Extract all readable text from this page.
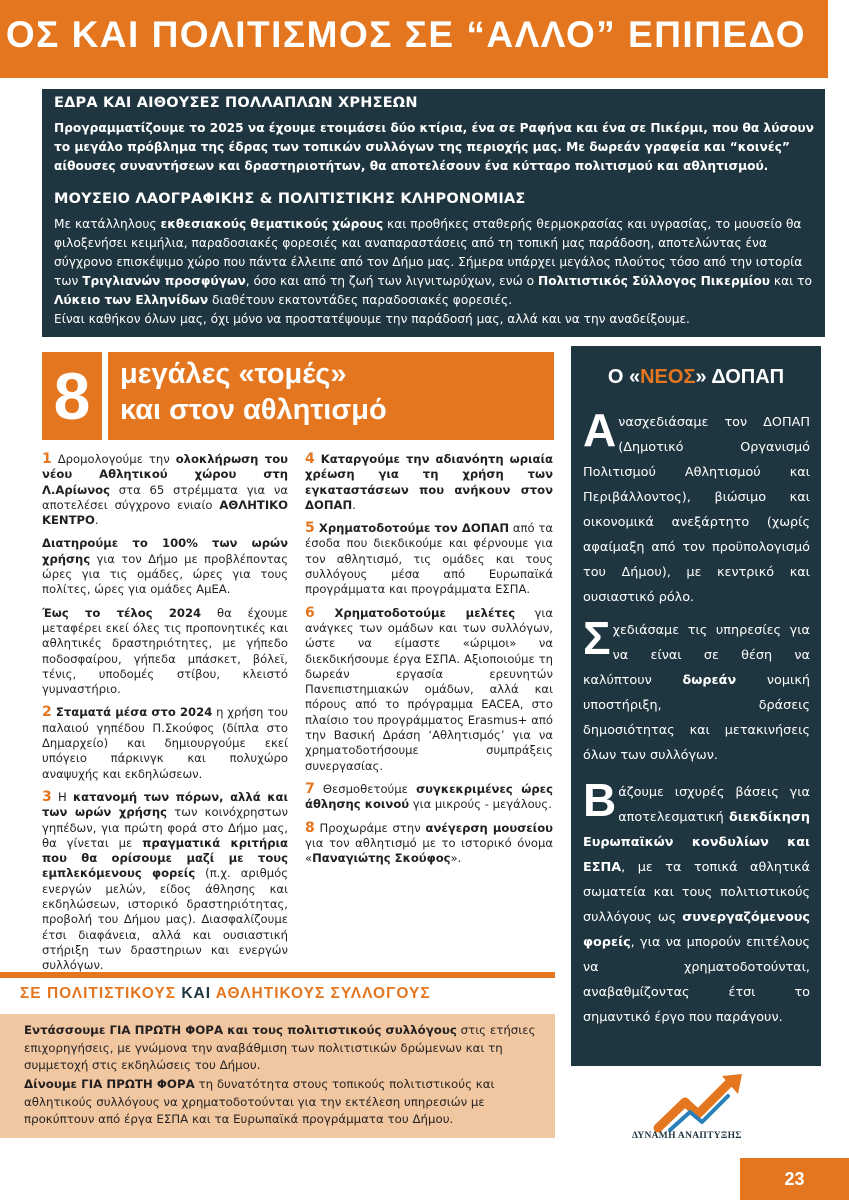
ΟΣ ΚΑΙ ΠΟΛΙΤΙΣΜΟΣ ΣΕ “ΑΛΛΟ” ΕΠΙΠΕΔΟ
ΕΔΡΑ ΚΑΙ ΑΙΘΟΥΣΕΣ ΠΟΛΛΑΠΛΩΝ ΧΡΗΣΕΩΝ
Προγραμματίζουμε το 2025 να έχουμε ετοιμάσει δύο κτίρια, ένα σε Ραφήνα και ένα σε Πικέρμι, που θα λύσουν το μεγάλο πρόβλημα της έδρας των τοπικών συλλόγων της περιοχής μας. Με δωρεάν γραφεία και “κοινές” αίθουσες συναντήσεων και δραστηριοτήτων, θα αποτελέσουν ένα κύτταρο πολιτισμού και αθλητισμού.
ΜΟΥΣΕΙΟ ΛΑΟΓΡΑΦΙΚΗΣ & ΠΟΛΙΤΙΣΤΙΚΗΣ ΚΛΗΡΟΝΟΜΙΑΣ
Με κατάλληλους εκθεσιακούς θεματικούς χώρους και προθήκες σταθερής θερμοκρασίας και υγρασίας, το μουσείο θα φιλοξενήσει κειμήλια, παραδοσιακές φορεσιές και αναπαραστάσεις από τη τοπική μας παράδοση, αποτελώντας ένα σύγχρονο επισκέψιμο χώρο που πάντα έλλειπε από τον Δήμο μας. Σήμερα υπάρχει μεγάλος πλούτος τόσο από την ιστορία των Τριγλιανών προσφύγων, όσο και από τη ζωή των λιγνιτωρύχων, ενώ ο Πολιτιστικός Σύλλογος Πικερμίου και το Λύκειο των Ελληνίδων διαθέτουν εκατοντάδες παραδοσιακές φορεσιές.
Είναι καθήκον όλων μας, όχι μόνο να προστατέψουμε την παράδοσή μας, αλλά και να την αναδείξουμε.
8	μεγάλες «τομές»
και στον αθλητισμό

1 Δρομολογούμε την ολοκλήρωση του νέου Αθλητικού χώρου στη Λ.Αρίωνος στα 65 στρέμματα για να αποτελέσει σύγχρονο ενιαίο ΑΘΛΗΤΙΚΟ ΚΕΝΤΡΟ.

Διατηρούμε το 100% των ωρών χρήσης για τον Δήμο με προβλέποντας ώρες για τις ομάδες, ώρες για τους πολίτες, ώρες για ομάδες ΑμΕΑ.

Έως το τέλος 2024 θα έχουμε μεταφέρει εκεί όλες τις προπονητικές και αθλητικές δραστηριότητες, με γήπεδο ποδοσφαίρου, γήπεδα μπάσκετ, βόλεϊ, τένις, υποδομές στίβου, κλειστό γυμναστήριο.

2 Σταματά μέσα στο 2024 η χρήση του παλαιού γηπέδου Π.Σκούφος (δίπλα στο Δημαρχείο) και δημιουργούμε εκεί υπόγειο πάρκινγκ και πολυχώρο αναψυχής και εκδηλώσεων.

3 Η κατανομή των πόρων, αλλά και των ωρών χρήσης των κοινόχρηστων γηπέδων, για πρώτη φορά στο Δήμο μας, θα γίνεται με πραγματικά κριτήρια που θα ορίσουμε μαζί με τους εμπλεκόμενους φορείς (π.χ. αριθμός ενεργών μελών, είδος άθλησης και εκδηλώσεων, ιστορικό δραστηριότητας, προβολή του Δήμου μας). Διασφαλίζουμε έτσι διαφάνεια, αλλά και ουσιαστική στήριξη των δραστηριων και ενεργών συλλόγων.

4 Καταργούμε την αδιανόητη ωριαία χρέωση για τη χρήση των εγκαταστάσεων που ανήκουν στον ΔΟΠΑΠ.

5 Χρηματοδοτούμε τον ΔΟΠΑΠ από τα έσοδα που διεκδικούμε και φέρνουμε για τον αθλητισμό, τις ομάδες και τους συλλόγους μέσα από Ευρωπαϊκά προγράμματα και προγράμματα ΕΣΠΑ.

6 Χρηματοδοτούμε μελέτες για ανάγκες των ομάδων και των συλλόγων, ώστε να είμαστε «ώριμοι» να διεκδικήσουμε έργα ΕΣΠΑ. Αξιοποιούμε τη δωρεάν εργασία ερευνητών Πανεπιστημιακών ομάδων, αλλά και πόρους από το πρόγραμμα EACEA, στο πλαίσιο του προγράμματος Erasmus+ από την Βασική Δράση ‘Αθλητισμός’ για να χρηματοδοτήσουμε συμπράξεις συνεργασίας.

7 Θεσμοθετούμε συγκεκριμένες ώρες άθλησης κοινού για μικρούς - μεγάλους.

8 Προχωράμε στην ανέγερση μουσείου για τον αθλητισμό με το ιστορικό όνομα «Παναγιώτης Σκούφος».

ΣΕ ΠΟΛΙΤΙΣΤΙΚΟΥΣ ΚΑΙ ΑΘΛΗΤΙΚΟΥΣ ΣΥΛΛΟΓΟΥΣ
Εντάσσουμε ΓΙΑ ΠΡΩΤΗ ΦΟΡΑ και τους πολιτιστικούς συλλόγους στις ετήσιες επιχορηγήσεις, με γνώμονα την αναβάθμιση των πολιτιστικών δρώμενων και τη συμμετοχή στις εκδηλώσεις του Δήμου.
Δίνουμε ΓΙΑ ΠΡΩΤΗ ΦΟΡΑ τη δυνατότητα στους τοπικούς πολιτιστικούς και αθλητικούς συλλόγους να χρηματοδοτούνται για την εκτέλεση υπηρεσιών με προκύπτουν από έργα ΕΣΠΑ και τα Ευρωπαϊκά προγράμματα του Δήμου.
Ο «ΝΕΟΣ» ΔΟΠΑΠ
Ανασχεδιάσαμε τον ΔΟΠΑΠ (Δημοτικό Οργανισμό Πολιτισμού Αθλητισμού και Περιβάλλοντος), βιώσιμο και οικονομικά ανεξάρτητο (χωρίς αφαίμαξη από τον προϋπολογισμό του Δήμου), με κεντρικό και ουσιαστικό ρόλο.
Σχεδιάσαμε τις υπηρεσίες για να είναι σε θέση να καλύπτουν δωρεάν νομική υποστήριξη, δράσεις δημοσιότητας και μετακινήσεις όλων των συλλόγων.
Βάζουμε ισχυρές βάσεις για αποτελεσματική διεκδίκηση Ευρωπαϊκών κονδυλίων και ΕΣΠΑ, με τα τοπικά αθλητικά σωματεία και τους πολιτιστικούς συλλόγους ως συνεργαζόμενους φορείς, για να μπορούν επιτέλους να χρηματοδοτούνται, αναβαθμίζοντας έτσι το σημαντικό έργο που παράγουν.
ΔΥΝΑΜΗ ΑΝΑΠΤΥΞΗΣ
23
